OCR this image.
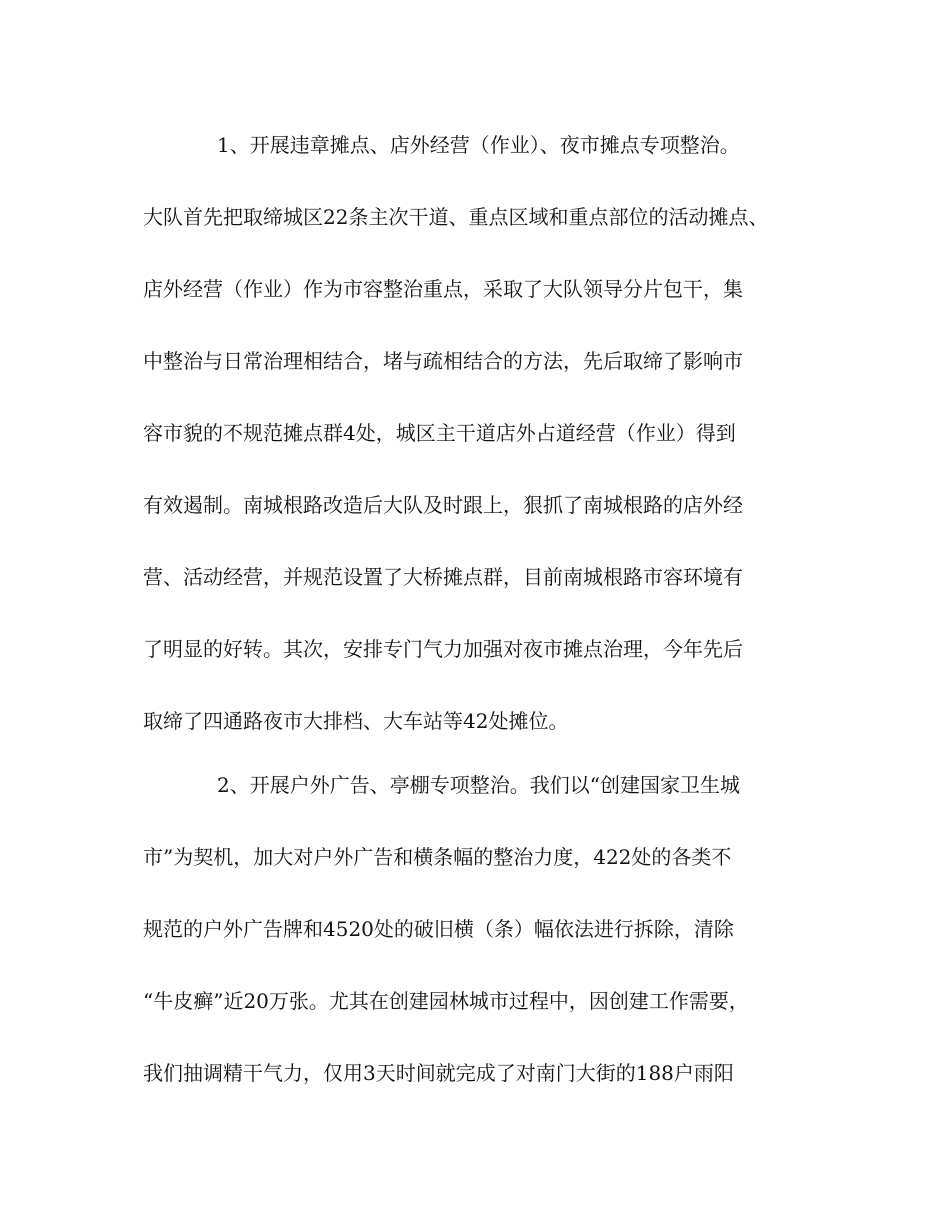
1、开展违章摊点、店外经营（作业）、夜市摊点专项整治。
大队首先把取缔城区22条主次干道、重点区域和重点部位的活动摊点、
店外经营（作业）作为市容整治重点，采取了大队领导分片包干，集
中整治与日常治理相结合，堵与疏相结合的方法，先后取缔了影响市
容市貌的不规范摊点群4处，城区主干道店外占道经营（作业）得到
有效遏制。南城根路改造后大队及时跟上，狠抓了南城根路的店外经
营、活动经营，并规范设置了大桥摊点群，目前南城根路市容环境有
了明显的好转。其次，安排专门气力加强对夜市摊点治理，今年先后
取缔了四通路夜市大排档、大车站等42处摊位。
2、开展户外广告、亭棚专项整治。我们以“创建国家卫生城
市”为契机，加大对户外广告和横条幅的整治力度，422处的各类不
规范的户外广告牌和4520处的破旧横（条）幅依法进行拆除，清除
“牛皮癣”近20万张。尤其在创建园林城市过程中，因创建工作需要，
我们抽调精干气力，仅用3天时间就完成了对南门大街的188户雨阳
